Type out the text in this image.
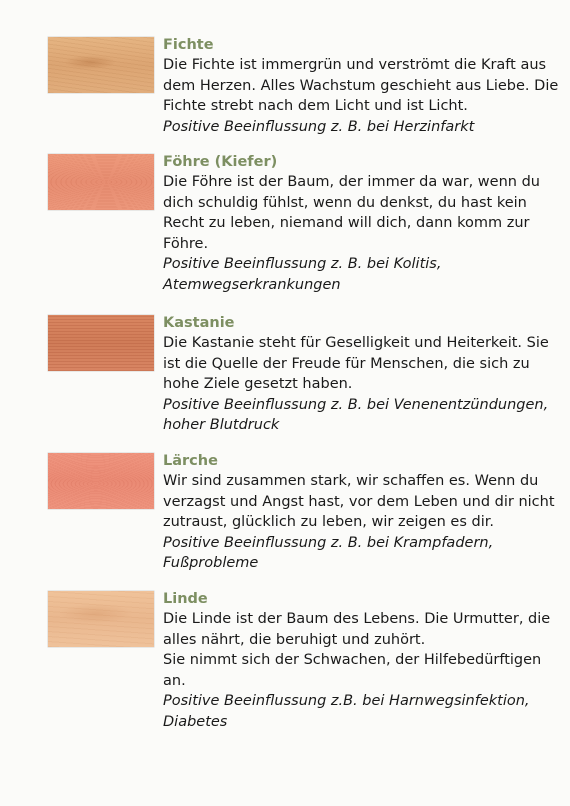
Fichte

Die Fichte ist immergrün und verströmt die Kraft aus

dem Herzen. Alles Wachstum geschieht aus Liebe. Die

Fichte strebt nach dem Licht und ist Licht.

Positive Beeinflussung z. B. bei Herzinfarkt

Föhre (Kiefer)

Die Föhre ist der Baum, der immer da war, wenn du

dich schuldig fühlst, wenn du denkst, du hast kein

Recht zu leben, niemand will dich, dann komm zur

Föhre.

Positive Beeinflussung z. B. bei Kolitis,

Atemwegserkrankungen

Kastanie

Die Kastanie steht für Geselligkeit und Heiterkeit. Sie

ist die Quelle der Freude für Menschen, die sich zu

hohe Ziele gesetzt haben.

Positive Beeinflussung z. B. bei Venenentzündungen,

hoher Blutdruck

Lärche

Wir sind zusammen stark, wir schaffen es. Wenn du

verzagst und Angst hast, vor dem Leben und dir nicht

zutraust, glücklich zu leben, wir zeigen es dir.

Positive Beeinflussung z. B. bei Krampfadern,

Fußprobleme

Linde

Die Linde ist der Baum des Lebens. Die Urmutter, die

alles nährt, die beruhigt und zuhört.

Sie nimmt sich der Schwachen, der Hilfebedürftigen

an.

Positive Beeinflussung z.B. bei Harnwegsinfektion,

Diabetes
